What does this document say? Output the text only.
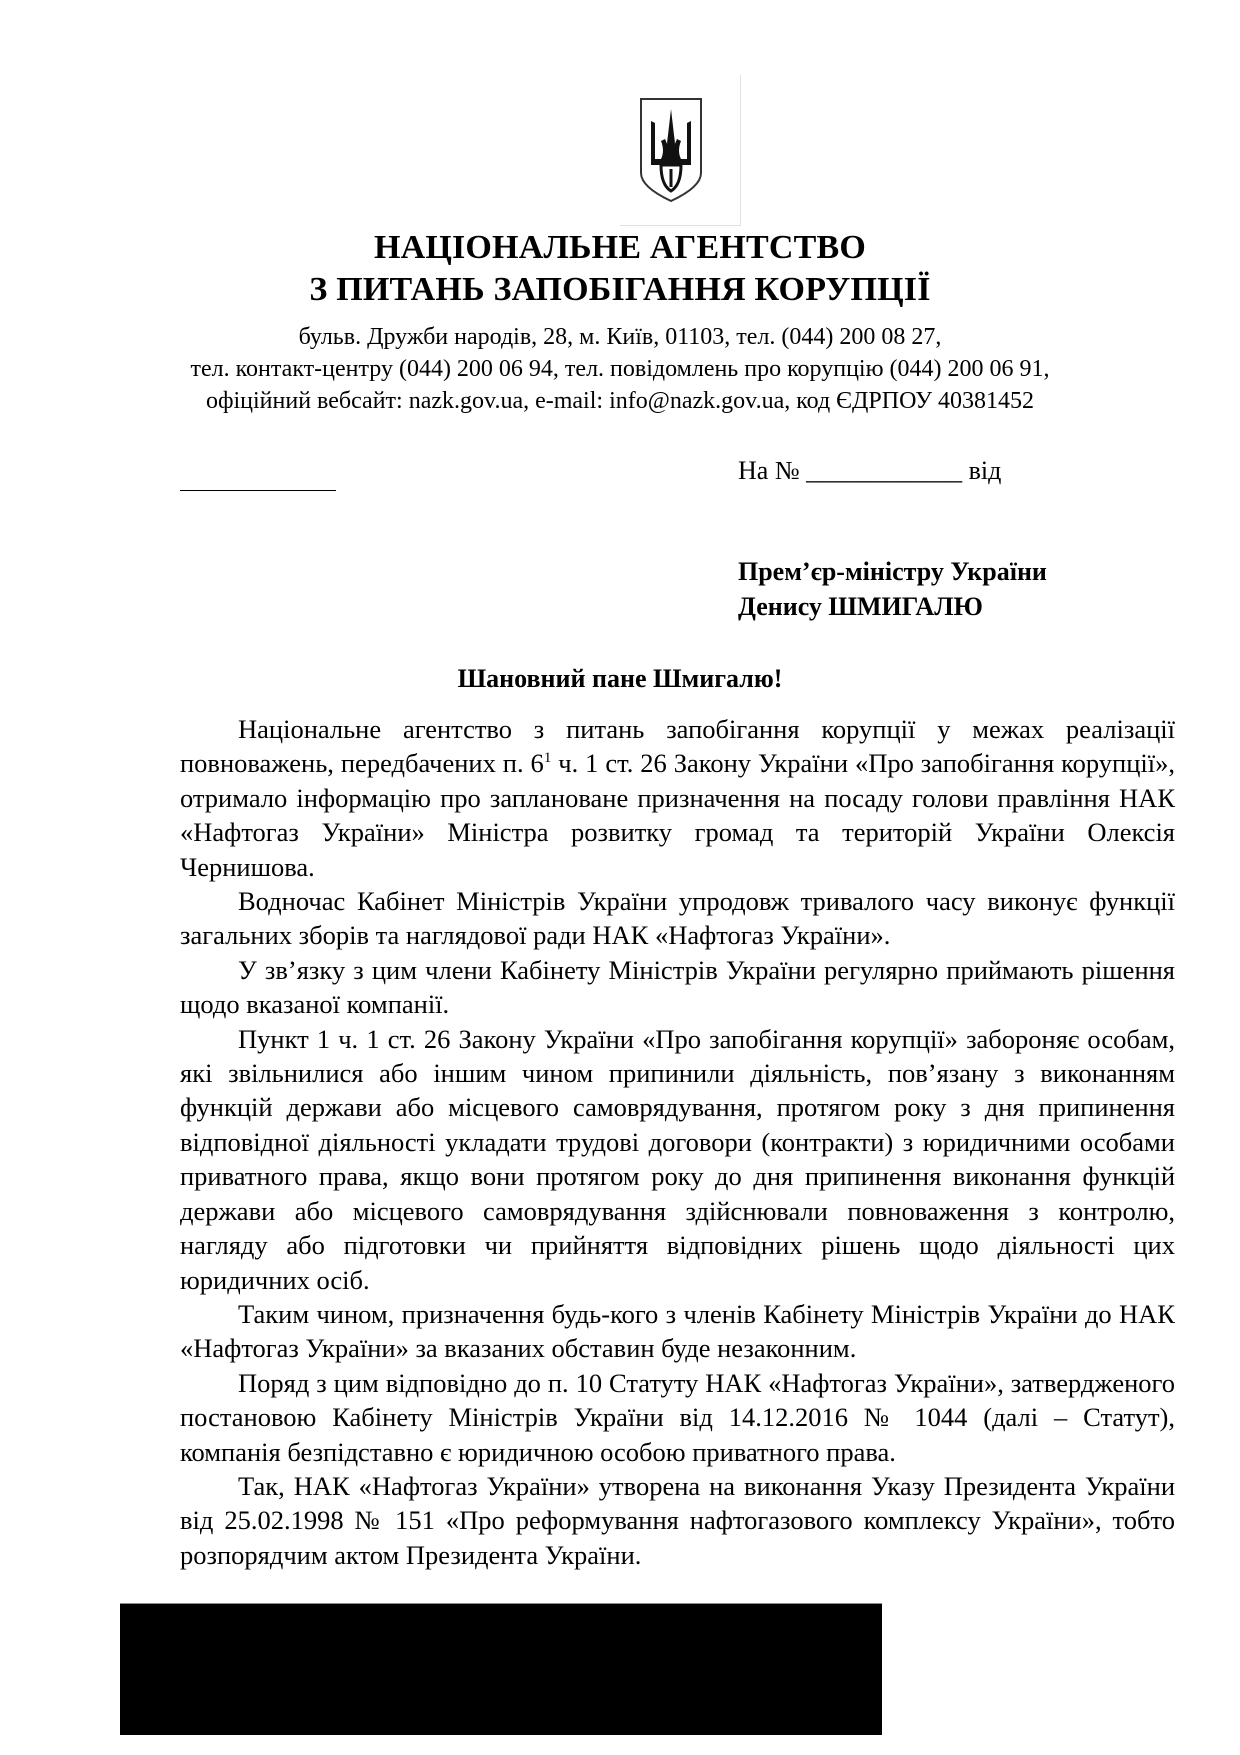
НАЦІОНАЛЬНЕ АГЕНТСТВО
З ПИТАНЬ ЗАПОБІГАННЯ КОРУПЦІЇ
бульв. Дружби народів, 28, м. Київ, 01103, тел. (044) 200 08 27,
тел. контакт-центру (044) 200 06 94, тел. повідомлень про корупцію (044) 200 06 91,
офіційний вебсайт: nazk.gov.ua, e-mail: info@nazk.gov.ua, код ЄДРПОУ 40381452
На № ____________ від
Прем’єр-міністру України
Денису ШМИГАЛЮ
Шановний пане Шмигалю!

Національне агентство з питань запобігання корупції у межах реалізації повноважень, передбачених п. $6^1$ ч. 1 ст. 26 Закону України «Про запобігання корупції», отримало інформацію про заплановане призначення на посаду голови правління НАК «Нафтогаз України» Міністра розвитку громад та територій України Олексія Чернишова.

Водночас Кабінет Міністрів України упродовж тривалого часу виконує функції загальних зборів та наглядової ради НАК «Нафтогаз України».

У зв’язку з цим члени Кабінету Міністрів України регулярно приймають рішення щодо вказаної компанії.

Пункт 1 ч. 1 ст. 26 Закону України «Про запобігання корупції» забороняє особам, які звільнилися або іншим чином припинили діяльність, пов’язану з виконанням функцій держави або місцевого самоврядування, протягом року з дня припинення відповідної діяльності укладати трудові договори (контракти) з юридичними особами приватного права, якщо вони протягом року до дня припинення виконання функцій держави або місцевого самоврядування здійснювали повноваження з контролю, нагляду або підготовки чи прийняття відповідних рішень щодо діяльності цих юридичних осіб.

Таким чином, призначення будь-кого з членів Кабінету Міністрів України до НАК «Нафтогаз України» за вказаних обставин буде незаконним.

Поряд з цим відповідно до п. 10 Статуту НАК «Нафтогаз України», затвердженого постановою Кабінету Міністрів України від 14.12.2016 № 1044 (далі – Статут), компанія безпідставно є юридичною особою приватного права.

Так, НАК «Нафтогаз України» утворена на виконання Указу Президента України від 25.02.1998 № 151 «Про реформування нафтогазового комплексу України», тобто розпорядчим актом Президента України.
